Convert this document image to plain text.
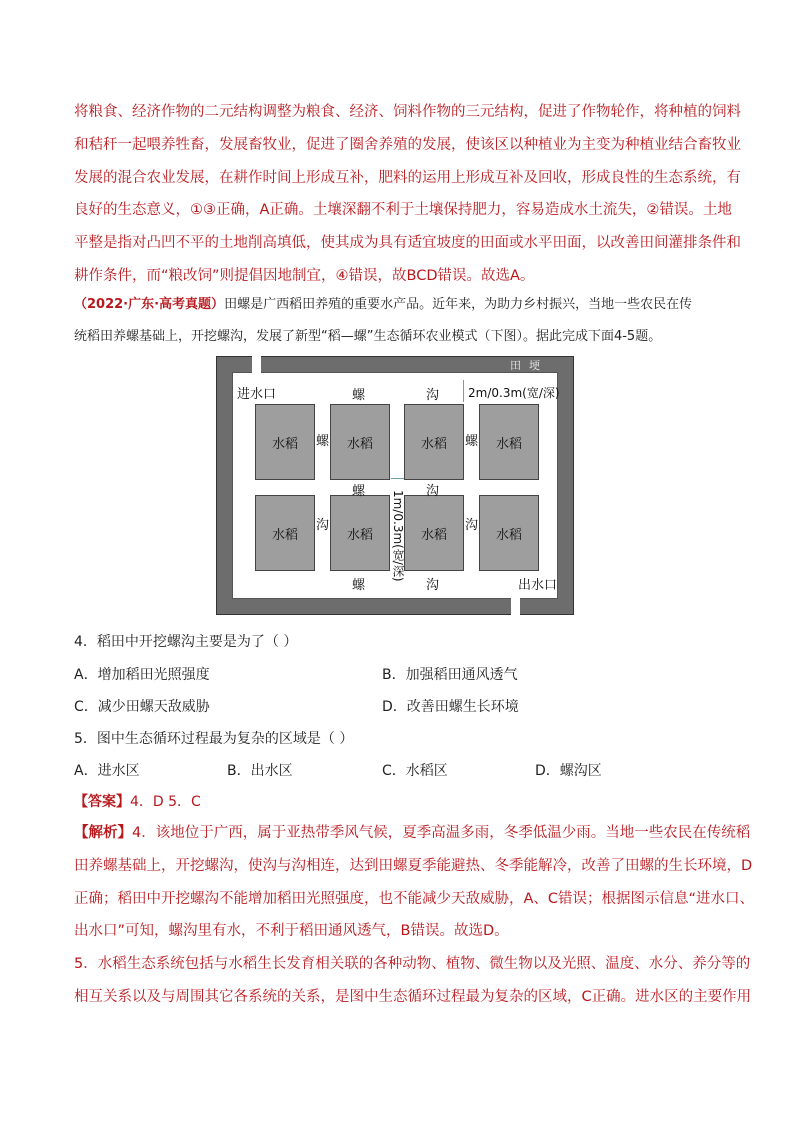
将粮食、经济作物的二元结构调整为粮食、经济、饲料作物的三元结构，促进了作物轮作，将种植的饲料

和秸秆一起喂养牲畜，发展畜牧业，促进了圈舍养殖的发展，使该区以种植业为主变为种植业结合畜牧业

发展的混合农业发展，在耕作时间上形成互补，肥料的运用上形成互补及回收，形成良性的生态系统，有

良好的生态意义，①③正确，A正确。土壤深翻不利于土壤保持肥力，容易造成水土流失，②错误。土地

平整是指对凸凹不平的土地削高填低，使其成为具有适宜坡度的田面或水平田面，以改善田间灌排条件和

耕作条件，而“粮改饲”则提倡因地制宜，④错误，故BCD错误。故选A。

（2022·广东·高考真题）田螺是广西稻田养殖的重要水产品。近年来，为助力乡村振兴，当地一些农民在传

统稻田养螺基础上，开挖螺沟，发展了新型“稻—螺”生态循环农业模式（下图）。据此完成下面4-5题。

田埂
进水口
出水口
水稻	水稻	水稻	水稻
水稻	水稻	水稻	水稻
螺	沟
螺	螺
螺	沟
沟	沟
螺	沟
2m/0.3m(宽/深)
1m/0.3m(宽/深)
4．稻田中开挖螺沟主要是为了（ ）
A．增加稻田光照强度	B．加强稻田通风透气
C．减少田螺天敌威胁	D．改善田螺生长环境
5．图中生态循环过程最为复杂的区域是（ ）
A．进水区	B．出水区	C．水稻区	D．螺沟区
【答案】4．D 5．C

【解析】4．该地位于广西，属于亚热带季风气候，夏季高温多雨，冬季低温少雨。当地一些农民在传统稻

田养螺基础上，开挖螺沟，使沟与沟相连，达到田螺夏季能避热、冬季能解冷，改善了田螺的生长环境，D

正确；稻田中开挖螺沟不能增加稻田光照强度，也不能减少天敌威胁，A、C错误；根据图示信息“进水口、

出水口”可知，螺沟里有水，不利于稻田通风透气，B错误。故选D。

5．水稻生态系统包括与水稻生长发育相关联的各种动物、植物、微生物以及光照、温度、水分、养分等的

相互关系以及与周围其它各系统的关系，是图中生态循环过程最为复杂的区域，C正确。进水区的主要作用
